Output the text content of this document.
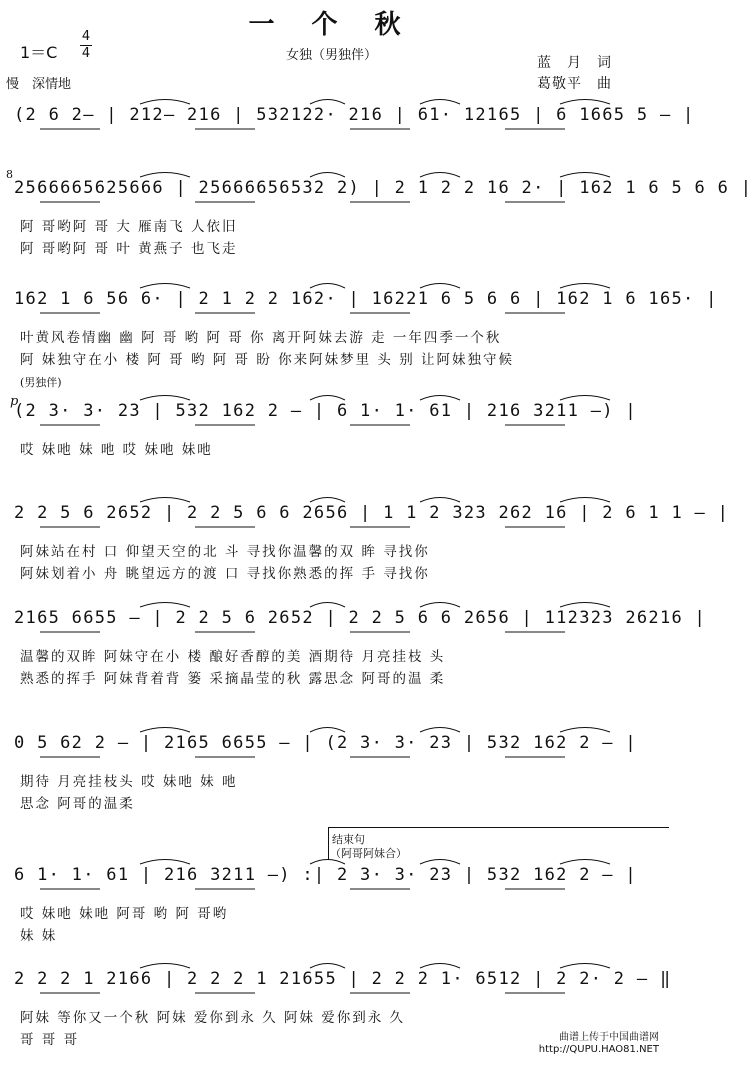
一 个 秋
女独（男独伴）
1＝C
4
4
慢　深情地
蓝　月　词
葛敬平　曲
8
(男独伴)
p
结束句
（阿哥阿妹合）
(2 6 2— | 212— 216 | 532122· 216 | 61· 12165 | 6 1665 5 — |
2566665625666 | 25666656532 2) | 2 1 2 2 16 2· | 162 1 6 5 6 6 |
阿 哥哟阿 哥 大 雁南飞 人依旧
阿 哥哟阿 哥 叶 黄燕子 也飞走
162 1 6 56 6· | 2 1 2 2 162· | 16221 6 5 6 6 | 162 1 6 165· |
叶黄风卷情幽 幽 阿 哥 哟 阿 哥 你 离开阿妹去游 走 一年四季一个秋
阿 妹独守在小 楼 阿 哥 哟 阿 哥 盼 你来阿妹梦里 头 别 让阿妹独守候
(2 3· 3· 23 | 532 162 2 — | 6 1· 1· 61 | 216 3211 —) |
哎 妹吔 妹 吔 哎 妹吔 妹吔
2 2 5 6 2652 | 2 2 5 6 6 2656 | 1 1 2 323 262 16 | 2 6 1 1 — |
阿妹站在村 口 仰望天空的北 斗 寻找你温馨的双 眸 寻找你
阿妹划着小 舟 眺望远方的渡 口 寻找你熟悉的挥 手 寻找你
2165 6655 — | 2 2 5 6 2652 | 2 2 5 6 6 2656 | 112323 26216 |
温馨的双眸 阿妹守在小 楼 酿好香醇的美 酒期待 月亮挂枝 头
熟悉的挥手 阿妹背着背 篓 采摘晶莹的秋 露思念 阿哥的温 柔
0 5 62 2 — | 2165 6655 — | (2 3· 3· 23 | 532 162 2 — |
期待 月亮挂枝头 哎 妹吔 妹 吔
思念 阿哥的温柔
6 1· 1· 61 | 216 3211 —) :| 2 3· 3· 23 | 532 162 2 — |
哎 妹吔 妹吔 阿哥 哟 阿 哥哟
妹 妹
2 2 2 1 2166 | 2 2 2 1 21655 | 2 2 2 1· 6512 | 2 2· 2 — ‖
阿妹 等你又一个秋 阿妹 爱你到永 久 阿妹 爱你到永 久
哥 哥 哥	曲谱上传于中国曲谱网
http://QUPU.HAO81.NET
